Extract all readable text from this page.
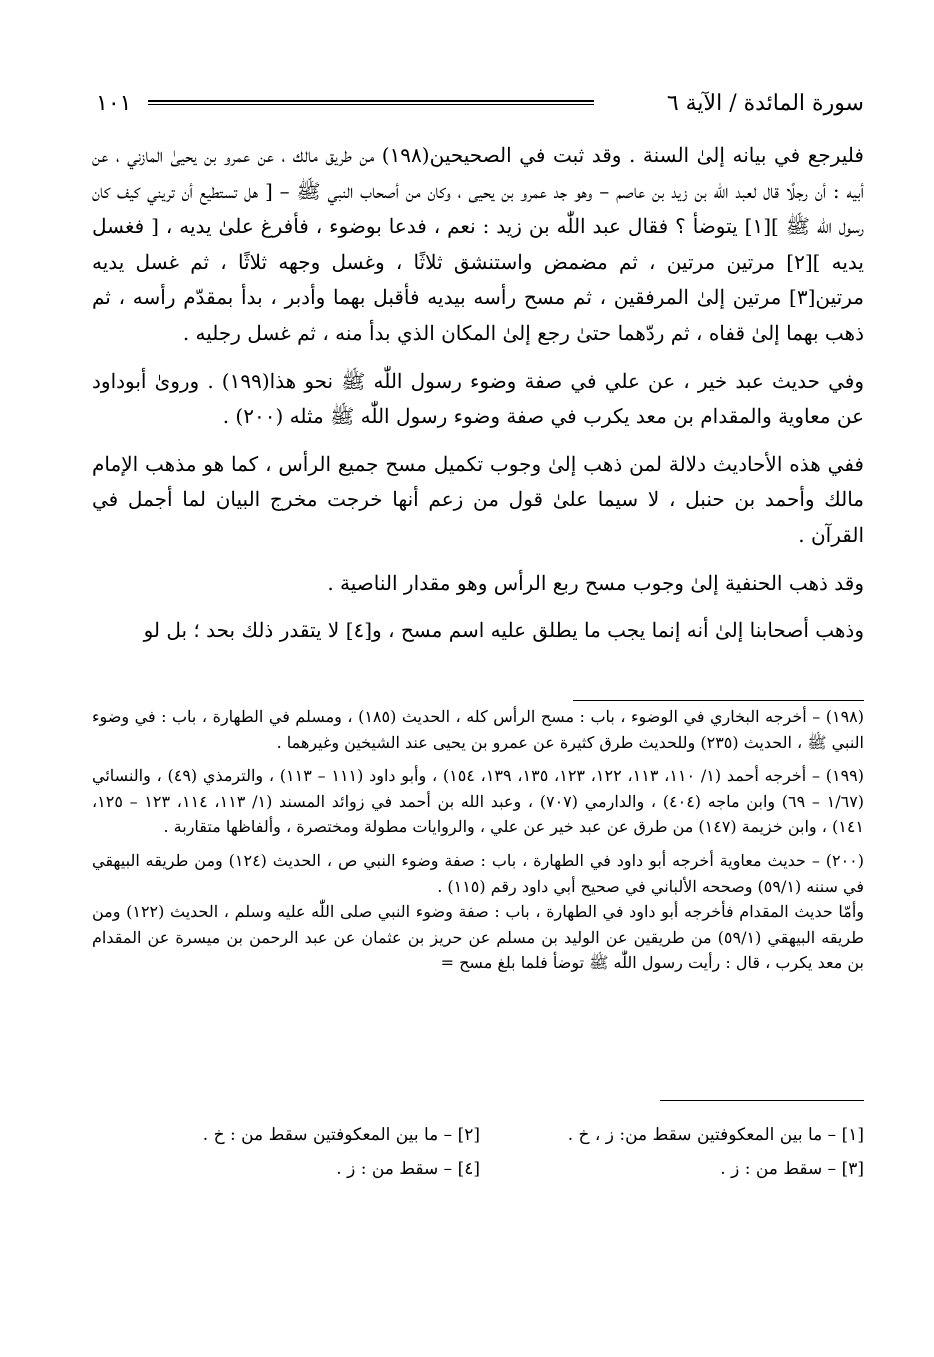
سورة المائدة / الآية ٦
١٠١

فليرجع في بيانه إلىٰ السنة . وقد ثبت في الصحيحين(١٩٨) من طريق مالك ، عن عمرو بن يحيىٰ المازني ، عن أبيه : أن رجلًا قال لعبد اللّٰه بن زيد بن عاصم – وهو جد عمرو بن يحيى ، وكان من أصحاب النبي ﷺ – [ هل تستطيع أن تريني كيف كان رسول اللّٰه ﷺ ]‏[١] يتوضأ ؟ فقال عبد اللّٰه بن زيد : نعم ، فدعا بوضوء ، فأفرغ علىٰ يديه ، [ فغسل يديه ]‏[٢] مرتين مرتين ، ثم مضمض واستنشق ثلاثًا ، وغسل وجهه ثلاثًا ، ثم غسل يديه مرتين‏[٣] مرتين إلىٰ المرفقين ، ثم مسح رأسه بيديه فأقبل بهما وأدبر ، بدأ بمقدّم رأسه ، ثم ذهب بهما إلىٰ قفاه ، ثم ردّهما حتىٰ رجع إلىٰ المكان الذي بدأ منه ، ثم غسل رجليه .

وفي حديث عبد خير ، عن علي في صفة وضوء رسول اللّٰه ﷺ نحو هذا(١٩٩) . وروىٰ أبوداود عن معاوية والمقدام بن معد يكرب في صفة وضوء رسول اللّٰه ﷺ مثله (٢٠٠) .

ففي هذه الأحاديث دلالة لمن ذهب إلىٰ وجوب تكميل مسح جميع الرأس ، كما هو مذهب الإمام مالك وأحمد بن حنبل ، لا سيما علىٰ قول من زعم أنها خرجت مخرج البيان لما أجمل في القرآن .

وقد ذهب الحنفية إلىٰ وجوب مسح ربع الرأس وهو مقدار الناصية .

وذهب أصحابنا إلىٰ أنه إنما يجب ما يطلق عليه اسم مسح ، و‏[٤] لا يتقدر ذلك بحد ؛ بل لو

(١٩٨) – أخرجه البخاري في الوضوء ، باب : مسح الرأس كله ، الحديث (١٨٥) ، ومسلم في الطهارة ، باب : في وضوء النبي ﷺ ، الحديث (٢٣٥) وللحديث طرق كثيرة عن عمرو بن يحيى عند الشيخين وغيرهما .

(١٩٩) – أخرجه أحمد (١/ ١١٠، ١١٣، ١٢٢، ١٢٣، ١٣٥، ١٣٩، ١٥٤) ، وأبو داود (١١١ – ١١٣) ، والترمذي (٤٩) ، والنسائي (١/٦٧ – ٦٩) وابن ماجه (٤٠٤) ، والدارمي (٧٠٧) ، وعبد الله بن أحمد في زوائد المسند (١/ ١١٣، ١١٤، ١٢٣ – ١٢٥، ١٤١) ، وابن خزيمة (١٤٧) من طرق عن عبد خير عن علي ، والروايات مطولة ومختصرة ، وألفاظها متقاربة .

(٢٠٠) – حديث معاوية أخرجه أبو داود في الطهارة ، باب : صفة وضوء النبي ص ، الحديث (١٢٤) ومن طريقه البيهقي في سننه (٥٩/١) وصححه الألباني في صحيح أبي داود رقم (١١٥) .
وأمّا حديث المقدام فأخرجه أبو داود في الطهارة ، باب : صفة وضوء النبي صلى اللّٰه عليه وسلم ، الحديث (١٢٢) ومن طريقه البيهقي (٥٩/١) من طريقين عن الوليد بن مسلم عن حريز بن عثمان عن عبد الرحمن بن ميسرة عن المقدام بن معد يكرب ، قال : رأيت رسول اللّٰه ﷺ توضأ فلما بلغ مسح =

[١] – ما بين المعكوفتين سقط من: ز ، خ .
[٢] – ما بين المعكوفتين سقط من : خ .
[٣] – سقط من : ز .
[٤] – سقط من : ز .
